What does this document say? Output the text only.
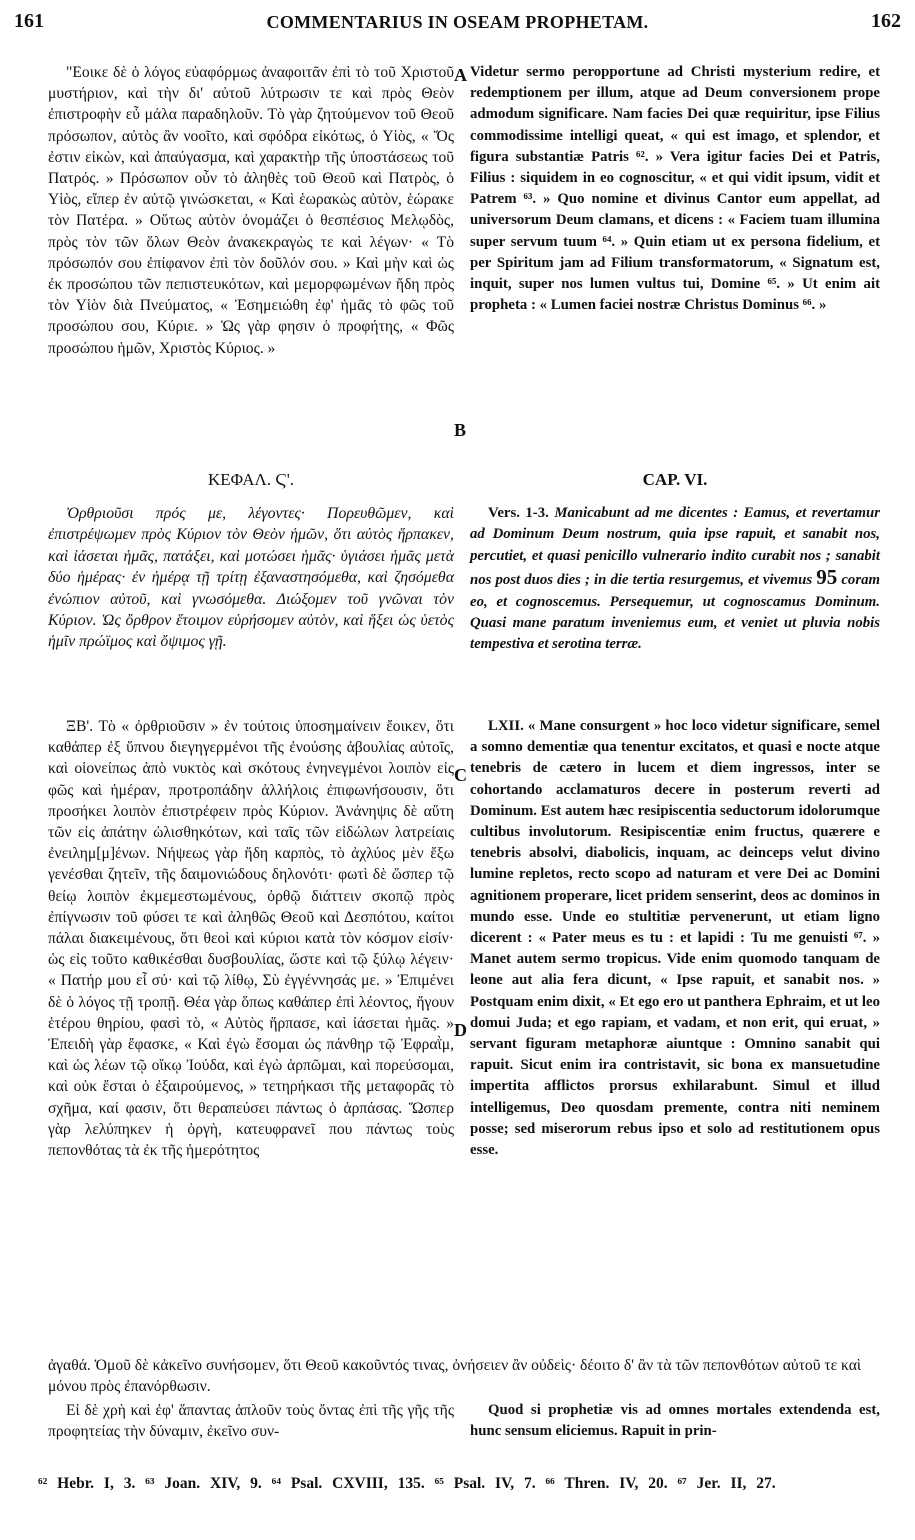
161	COMMENTARIUS IN OSEAM PROPHETAM.	162

"Εοικε δὲ ὁ λόγος εὐαφόρμως ἀναφοιτᾶν ἐπὶ τὸ τοῦ Χριστοῦ μυστήριον, καὶ τὴν δι' αὐτοῦ λύτρωσιν τε καὶ πρὸς Θεὸν ἐπιστροφὴν εὖ μάλα παραδηλοῦν. Τὸ γὰρ ζητούμενον τοῦ Θεοῦ πρόσωπον, αὐτὸς ἂν νοοῖτο, καὶ σφόδρα εἰκότως, ὁ Υἱὸς, « Ὅς ἐστιν εἰκὼν, καὶ ἀπαύγασμα, καὶ χαρακτὴρ τῆς ὑποστάσεως τοῦ Πατρός. » Πρόσωπον οὖν τὸ ἀληθὲς τοῦ Θεοῦ καὶ Πατρὸς, ὁ Υἱὸς, εἴπερ ἐν αὐτῷ γινώσκεται, « Καὶ ἑωρακὼς αὐτὸν, ἑώρακε τὸν Πατέρα. » Οὕτως αὐτὸν ὀνομάζει ὁ θεσπέσιος Μελῳδὸς, πρὸς τὸν τῶν ὅλων Θεὸν ἀνακεκραγὼς τε καὶ λέγων· « Τὸ πρόσωπόν σου ἐπίφανον ἐπὶ τὸν δοῦλόν σου. » Καὶ μὴν καὶ ὡς ἐκ προσώπου τῶν πεπιστευκότων, καὶ μεμορφωμένων ἤδη πρὸς τὸν Υἱὸν διὰ Πνεύματος, « Ἐσημειώθη ἐφ' ἡμᾶς τὸ φῶς τοῦ προσώπου σου, Κύριε. » Ὡς γὰρ φησιν ὁ προφήτης, « Φῶς προσώπου ἡμῶν, Χριστὸς Κύριος. »

Videtur sermo peropportune ad Christi mysterium redire, et redemptionem per illum, atque ad Deum conversionem prope admodum significare. Nam facies Dei quæ requiritur, ipse Filius commodissime intelligi queat, « qui est imago, et splendor, et figura substantiæ Patris ⁶². » Vera igitur facies Dei et Patris, Filius : siquidem in eo cognoscitur, « et qui vidit ipsum, vidit et Patrem ⁶³. » Quo nomine et divinus Cantor eum appellat, ad universorum Deum clamans, et dicens : « Faciem tuam illumina super servum tuum ⁶⁴. » Quin etiam ut ex persona fidelium, et per Spiritum jam ad Filium transformatorum, « Signatum est, inquit, super nos lumen vultus tui, Domine ⁶⁵. » Ut enim ait propheta : « Lumen faciei nostræ Christus Dominus ⁶⁶. »

A
B
ΚΕΦΑΛ. Ϛ'.	CAP. VI.

Ὀρθριοῦσι πρός με, λέγοντες· Πορευθῶμεν, καὶ ἐπιστρέψωμεν πρὸς Κύριον τὸν Θεὸν ἡμῶν, ὅτι αὐτὸς ἥρπακεν, καὶ ἰάσεται ἡμᾶς, πατάξει, καὶ μοτώσει ἡμᾶς· ὑγιάσει ἡμᾶς μετὰ δύο ἡμέρας· ἐν ἡμέρᾳ τῇ τρίτῃ ἐξαναστησόμεθα, καὶ ζησόμεθα ἐνώπιον αὐτοῦ, καὶ γνωσόμεθα. Διώξομεν τοῦ γνῶναι τὸν Κύριον. Ὡς ὄρθρον ἕτοιμον εὑρήσομεν αὐτὸν, καὶ ἥξει ὡς ὑετὸς ἡμῖν πρώϊμος καὶ ὄψιμος γῇ.

Vers. 1-3. Manicabunt ad me dicentes : Eamus, et revertamur ad Dominum Deum nostrum, quia ipse rapuit, et sanabit nos, percutiet, et quasi penicillo vulnerario indito curabit nos ; sanabit nos post duos dies ; in die tertia resurgemus, et vivemus 95 coram eo, et cognoscemus. Persequemur, ut cognoscamus Dominum. Quasi mane paratum inveniemus eum, et veniet ut pluvia nobis tempestiva et serotina terræ.

ΞΒ'. Τὸ « ὀρθριοῦσιν » ἐν τούτοις ὑποσημαίνειν ἔοικεν, ὅτι καθάπερ ἐξ ὕπνου διεγηγερμένοι τῆς ἐνούσης ἀβουλίας αὐτοῖς, καὶ οἱονείπως ἀπὸ νυκτὸς καὶ σκότους ἐνηνεγμένοι λοιπὸν εἰς φῶς καὶ ἡμέραν, προτροπάδην ἀλλήλοις ἐπιφωνήσουσιν, ὅτι προσήκει λοιπὸν ἐπιστρέφειν πρὸς Κύριον. Ἀνάνηψις δὲ αὕτη τῶν εἰς ἀπάτην ὠλισθηκότων, καὶ ταῖς τῶν εἰδώλων λατρείαις ἐνειλημ[μ]ένων. Νήψεως γὰρ ἤδη καρπὸς, τὸ ἀχλύος μὲν ἔξω γενέσθαι ζητεῖν, τῆς δαιμονιώδους δηλονότι· φωτὶ δὲ ὥσπερ τῷ θείῳ λοιπὸν ἐκμεμεστωμένους, ὀρθῷ διάττειν σκοπῷ πρὸς ἐπίγνωσιν τοῦ φύσει τε καὶ ἀληθῶς Θεοῦ καὶ Δεσπότου, καίτοι πάλαι διακειμένους, ὅτι θεοὶ καὶ κύριοι κατὰ τὸν κόσμον εἰσίν· ὡς εἰς τοῦτο καθικέσθαι δυσβουλίας, ὥστε καὶ τῷ ξύλῳ λέγειν· « Πατήρ μου εἶ σύ· καὶ τῷ λίθῳ, Σὺ ἐγγέννησάς με. » Ἐπιμένει δὲ ὁ λόγος τῇ τροπῇ. Θέα γὰρ ὅπως καθάπερ ἐπὶ λέοντος, ἤγουν ἑτέρου θηρίου, φασὶ τὸ, « Αὐτὸς ἥρπασε, καὶ ἰάσεται ἡμᾶς. » Ἐπειδὴ γὰρ ἔφασκε, « Καὶ ἐγὼ ἔσομαι ὡς πάνθηρ τῷ Ἐφραῒμ, καὶ ὡς λέων τῷ οἴκῳ Ἰούδα, καὶ ἐγὼ ἁρπῶμαι, καὶ πορεύσομαι, καὶ οὐκ ἔσται ὁ ἐξαιρούμενος, » τετηρήκασι τῆς μεταφορᾶς τὸ σχῆμα, καί φασιν, ὅτι θεραπεύσει πάντως ὁ ἁρπάσας. Ὥσπερ γὰρ λελύπηκεν ἡ ὀργὴ, κατευφρανεῖ που πάντως τοὺς πεπονθότας τὰ ἐκ τῆς ἡμερότητος

LXII. « Mane consurgent » hoc loco videtur significare, semel a somno dementiæ qua tenentur excitatos, et quasi e nocte atque tenebris de cætero in lucem et diem ingressos, inter se cohortando acclamaturos decere in posterum reverti ad Dominum. Est autem hæc resipiscentia seductorum idolorumque cultibus involutorum. Resipiscentiæ enim fructus, quærere e tenebris absolvi, diabolicis, inquam, ac deinceps velut divino lumine repletos, recto scopo ad naturam et vere Dei ac Domini agnitionem properare, licet pridem senserint, deos ac dominos in mundo esse. Unde eo stultitiæ pervenerunt, ut etiam ligno dicerent : « Pater meus es tu : et lapidi : Tu me genuisti ⁶⁷. » Manet autem sermo tropicus. Vide enim quomodo tanquam de leone aut alia fera dicunt, « Ipse rapuit, et sanabit nos. » Postquam enim dixit, « Et ego ero ut panthera Ephraim, et ut leo domui Juda; et ego rapiam, et vadam, et non erit, qui eruat, » servant figuram metaphoræ aiuntque : Omnino sanabit qui rapuit. Sicut enim ira contristavit, sic bona ex mansuetudine impertita afflictos prorsus exhilarabunt. Simul et illud intelligemus, Deo quosdam premente, contra niti neminem posse; sed miserorum rebus ipso et solo ad restitutionem opus esse.

C
D
ἀγαθά. Ὁμοῦ δὲ κἀκεῖνο συνήσομεν, ὅτι Θεοῦ κακοῦντός τινας, ὀνήσειεν ἂν οὐδεὶς· δέοιτο δ' ἂν τὰ τῶν πεπονθότων αὐτοῦ τε καὶ μόνου πρὸς ἐπανόρθωσιν.

Εἰ δὲ χρὴ καὶ ἐφ' ἅπαντας ἁπλοῦν τοὺς ὄντας ἐπὶ τῆς γῆς τῆς προφητείας τὴν δύναμιν, ἐκεῖνο συν-

Quod si prophetiæ vis ad omnes mortales extendenda est, hunc sensum eliciemus. Rapuit in prin-

⁶² Hebr. I, 3. ⁶³ Joan. XIV, 9. ⁶⁴ Psal. CXVIII, 135. ⁶⁵ Psal. IV, 7. ⁶⁶ Thren. IV, 20. ⁶⁷ Jer. II, 27.
